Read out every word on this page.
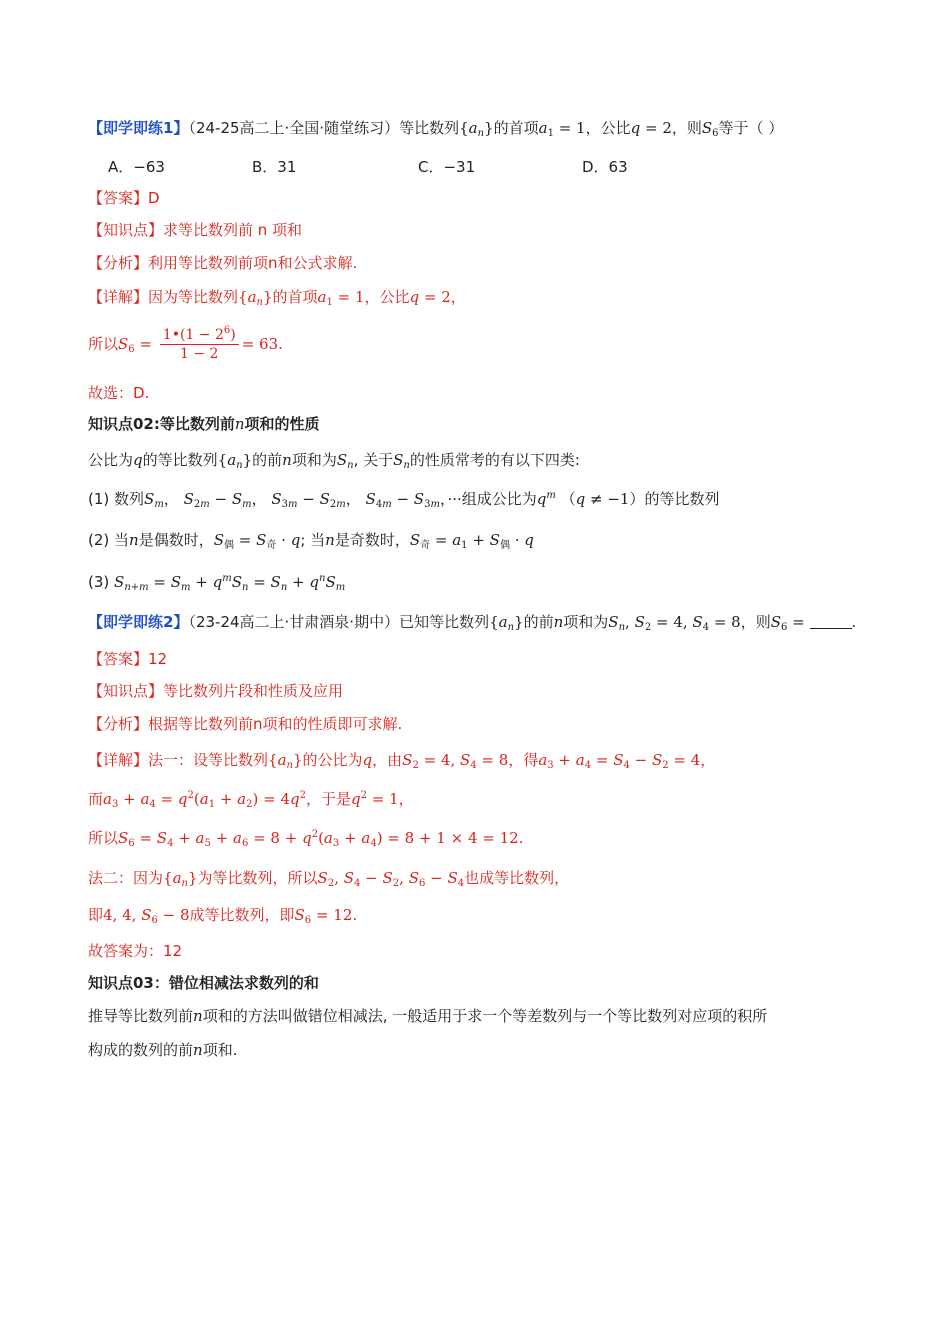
【即学即练1】（24-25高二上·全国·随堂练习）等比数列$\{a_n\}$的首项$a_1 = 1$，公比q = 2，则$S_6$等于（ ）
A．−63	B．31	C．−31	D．63
【答案】D
【知识点】求等比数列前 n 项和
【分析】利用等比数列前项n和公式求解.
【详解】因为等比数列$\{a_n\}$的首项$a_1 = 1$，公比q = 2，
所以$S_6 = \frac{1•(1 - 2^6)}{1 - 2} = 63$.
故选：D.
知识点02:等比数列前n项和的性质
公比为q的等比数列$\{a_n\}$的前n项和为$S_n$, 关于$S_n$的性质常考的有以下四类:
(1) 数列$S_m$， $S_{2m} - S_m$， $S_{3m} - S_{2m}$， $S_{4m} - S_{3m}$，···组成公比为$q^m$ （q ≠ −1）的等比数列
(2) 当n是偶数时，$S_偶 = S_奇 \cdot q$; 当n是奇数时，$S_奇 = a_1 + S_偶 \cdot q$
(3) $S_{n+m} = S_m + q^mS_n = S_n + q^nS_m$
【即学即练2】（23-24高二上·甘肃酒泉·期中）已知等比数列$\{a_n\}$的前n项和为$S_n$, $S_2 = 4$, $S_4 = 8$，则$S_6$ =	.
【答案】12
【知识点】等比数列片段和性质及应用
【分析】根据等比数列前n项和的性质即可求解.
【详解】法一：设等比数列$\{a_n\}$的公比为q，由$S_2 = 4$, $S_4 = 8$，得$a_3 + a_4 = S_4 - S_2 = 4$，
而$a_3 + a_4 = q^2(a_1 + a_2) = 4q^2$，于是$q^2 = 1$，
所以$S_6 = S_4 + a_5 + a_6 = 8 + q^2(a_3 + a_4) = 8 + 1 \times 4 = 12$.
法二：因为$\{a_n\}$为等比数列，所以$S_2$, $S_4 - S_2$, $S_6 - S_4$也成等比数列，
即4, 4, $S_6 - 8$成等比数列，即$S_6 = 12$.
故答案为：12
知识点03：错位相减法求数列的和
推导等比数列前n项和的方法叫做错位相减法, 一般适用于求一个等差数列与一个等比数列对应项的积所
构成的数列的前n项和.
